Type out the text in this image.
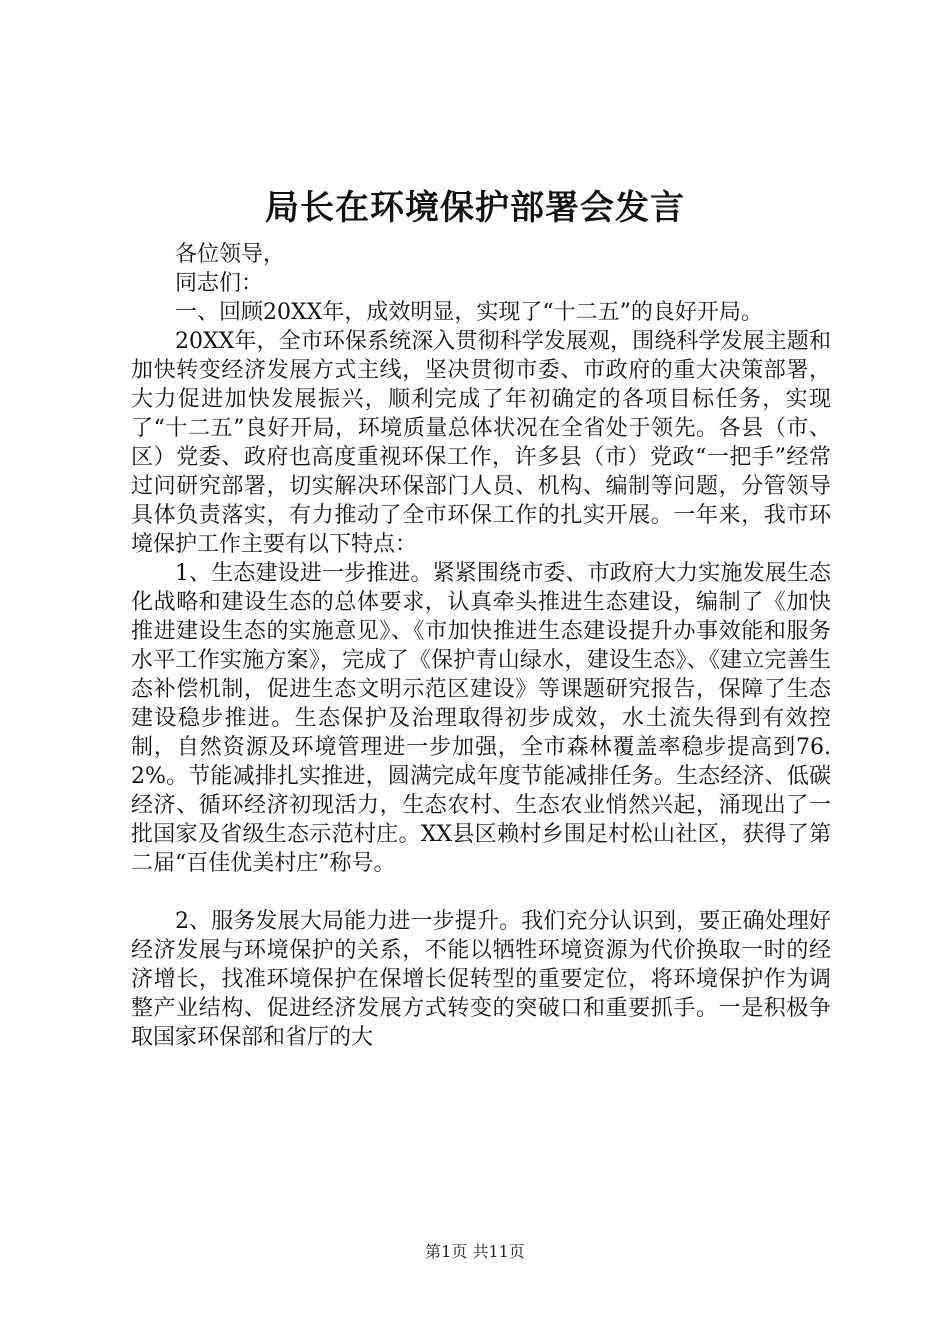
局长在环境保护部署会发言

各位领导，

同志们：

一、回顾20XX年，成效明显，实现了“十二五”的良好开局。

20XX年，全市环保系统深入贯彻科学发展观，围绕科学发展主题和加快转变经济发展方式主线，坚决贯彻市委、市政府的重大决策部署，大力促进加快发展振兴，顺利完成了年初确定的各项目标任务，实现了“十二五”良好开局，环境质量总体状况在全省处于领先。各县（市、区）党委、政府也高度重视环保工作，许多县（市）党政“一把手”经常过问研究部署，切实解决环保部门人员、机构、编制等问题，分管领导具体负责落实，有力推动了全市环保工作的扎实开展。一年来，我市环境保护工作主要有以下特点：

1、生态建设进一步推进。紧紧围绕市委、市政府大力实施发展生态化战略和建设生态的总体要求，认真牵头推进生态建设，编制了《加快推进建设生态的实施意见》、《市加快推进生态建设提升办事效能和服务水平工作实施方案》，完成了《保护青山绿水，建设生态》、《建立完善生态补偿机制，促进生态文明示范区建设》等课题研究报告，保障了生态建设稳步推进。生态保护及治理取得初步成效，水土流失得到有效控制，自然资源及环境管理进一步加强，全市森林覆盖率稳步提高到76.2%。节能减排扎实推进，圆满完成年度节能减排任务。生态经济、低碳经济、循环经济初现活力，生态农村、生态农业悄然兴起，涌现出了一批国家及省级生态示范村庄。XX县区赖村乡围足村松山社区，获得了第二届“百佳优美村庄”称号。

2、服务发展大局能力进一步提升。我们充分认识到，要正确处理好经济发展与环境保护的关系，不能以牺牲环境资源为代价换取一时的经济增长，找准环境保护在保增长促转型的重要定位，将环境保护作为调整产业结构、促进经济发展方式转变的突破口和重要抓手。一是积极争取国家环保部和省厅的大

第1页 共11页
